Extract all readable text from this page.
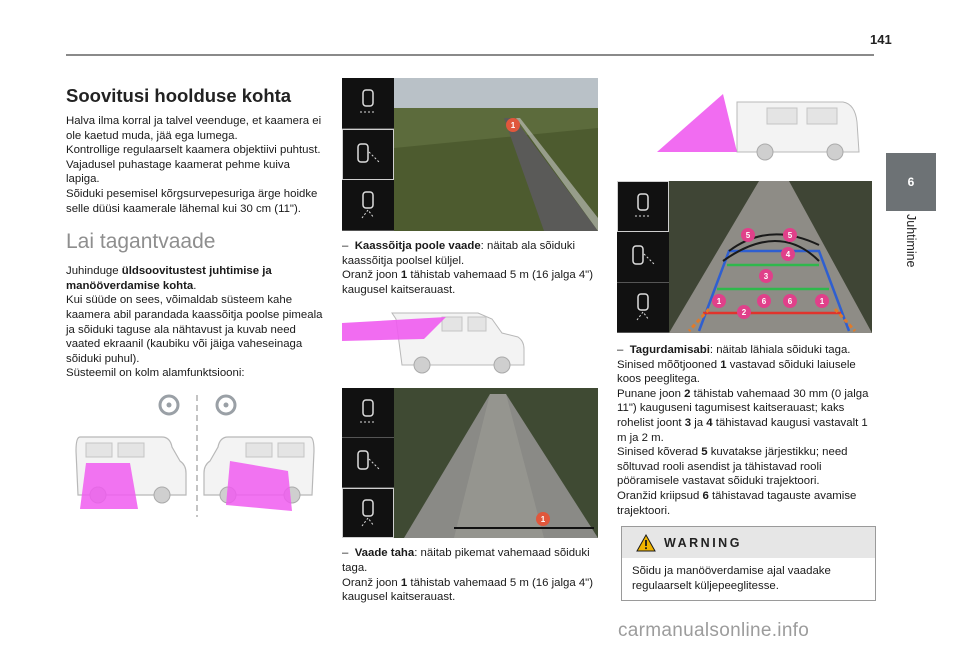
141
6
Juhtimine
Soovitusi hoolduse kohta

Halva ilma korral ja talvel veenduge, et kaamera ei ole kaetud muda, jää ega lumega.

Kontrollige regulaarselt kaamera objektiivi puhtust.

Vajadusel puhastage kaamerat pehme kuiva lapiga.

Sõiduki pesemisel kõrgsurvepesuriga ärge hoidke selle düüsi kaamerale lähemal kui 30 cm (11").

Lai tagantvaade

Juhinduge üldsoovitustest juhtimise ja manööverdamise kohta.

Kui süüde on sees, võimaldab süsteem kahe kaamera abil parandada kaassõitja poolse pimeala ja sõiduki taguse ala nähtavust ja kuvab need vaated ekraanil (kaubiku või jäiga vaheseinaga sõiduki puhul).

Süsteemil on kolm alamfunktsiooni:

1

– Kaassõitja poole vaade: näitab ala sõiduki kaassõitja poolsel küljel.

Oranž joon 1 tähistab vahemaad 5 m (16 jalga 4") kaugusel kaitserauast.

1

– Vaade taha: näitab pikemat vahemaad sõiduki taga.

Oranž joon 1 tähistab vahemaad 5 m (16 jalga 4") kaugusel kaitserauast.

5	5
4
3
1
2
6	6	1

– Tagurdamisabi: näitab lähiala sõiduki taga.

Sinised mõõtjooned 1 vastavad sõiduki laiusele koos peeglitega.

Punane joon 2 tähistab vahemaad 30 mm (0 jalga 11") kauguseni tagumisest kaitserauast; kaks rohelist joont 3 ja 4 tähistavad kaugusi vastavalt 1 m ja 2 m.

Sinised kõverad 5 kuvatakse järjestikku; need sõltuvad rooli asendist ja tähistavad rooli pööramisele vastavat sõiduki trajektoori.

Oranžid kriipsud 6 tähistavad tagauste avamise trajektoori.

WARNING
Sõidu ja manööverdamise ajal vaadake regulaarselt küljepeeglitesse.
carmanualsonline.info
